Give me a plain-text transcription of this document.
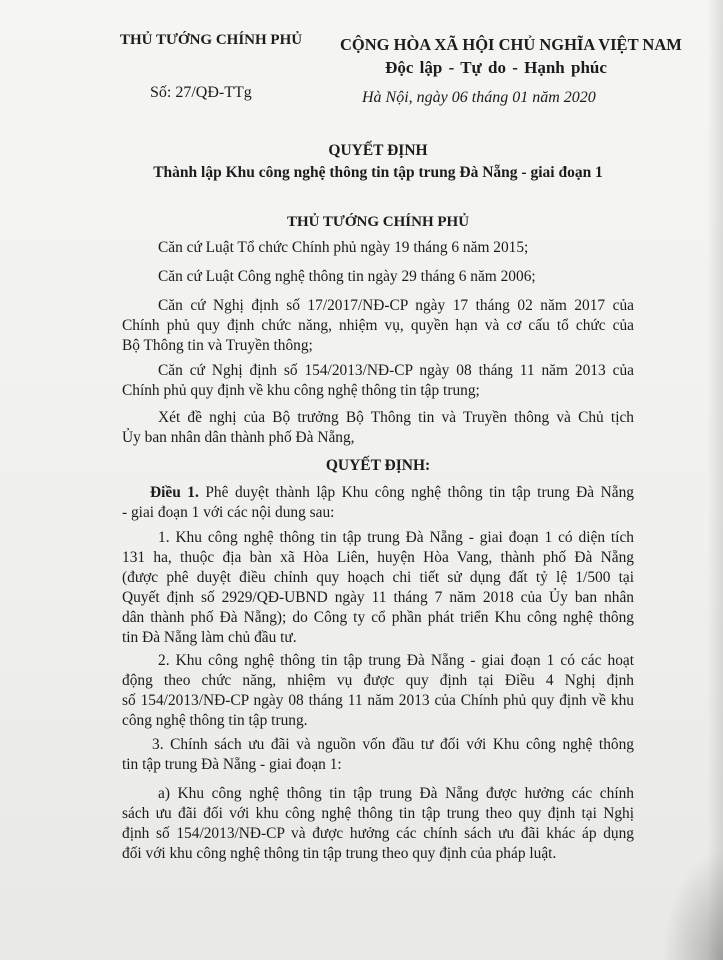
THỦ TƯỚNG CHÍNH PHỦ CỘNG HÒA XÃ HỘI CHỦ NGHĨA VIỆT NAM
Độc lập - Tự do - Hạnh phúc
Số: 27/QĐ-TTg	Hà Nội, ngày 06 tháng 01 năm 2020
QUYẾT ĐỊNH
Thành lập Khu công nghệ thông tin tập trung Đà Nẵng - giai đoạn 1
THỦ TƯỚNG CHÍNH PHỦ
Căn cứ Luật Tổ chức Chính phủ ngày 19 tháng 6 năm 2015;
Căn cứ Luật Công nghệ thông tin ngày 29 tháng 6 năm 2006;
Căn cứ Nghị định số 17/2017/NĐ-CP ngày 17 tháng 02 năm 2017 của
Chính phủ quy định chức năng, nhiệm vụ, quyền hạn và cơ cấu tổ chức của
Bộ Thông tin và Truyền thông;
Căn cứ Nghị định số 154/2013/NĐ-CP ngày 08 tháng 11 năm 2013 của
Chính phủ quy định về khu công nghệ thông tin tập trung;
Xét đề nghị của Bộ trưởng Bộ Thông tin và Truyền thông và Chủ tịch
Ủy ban nhân dân thành phố Đà Nẵng,
QUYẾT ĐỊNH:
Điều 1. Phê duyệt thành lập Khu công nghệ thông tin tập trung Đà Nẵng
- giai đoạn 1 với các nội dung sau:
1. Khu công nghệ thông tin tập trung Đà Nẵng - giai đoạn 1 có diện tích
131 ha, thuộc địa bàn xã Hòa Liên, huyện Hòa Vang, thành phố Đà Nẵng
(được phê duyệt điều chỉnh quy hoạch chi tiết sử dụng đất tỷ lệ 1/500 tại
Quyết định số 2929/QĐ-UBND ngày 11 tháng 7 năm 2018 của Ủy ban nhân
dân thành phố Đà Nẵng); do Công ty cổ phần phát triển Khu công nghệ thông
tin Đà Nẵng làm chủ đầu tư.
2. Khu công nghệ thông tin tập trung Đà Nẵng - giai đoạn 1 có các hoạt
động theo chức năng, nhiệm vụ được quy định tại Điều 4 Nghị định
số 154/2013/NĐ-CP ngày 08 tháng 11 năm 2013 của Chính phủ quy định về khu
công nghệ thông tin tập trung.
3. Chính sách ưu đãi và nguồn vốn đầu tư đối với Khu công nghệ thông
tin tập trung Đà Nẵng - giai đoạn 1:
a) Khu công nghệ thông tin tập trung Đà Nẵng được hưởng các chính
sách ưu đãi đối với khu công nghệ thông tin tập trung theo quy định tại Nghị
định số 154/2013/NĐ-CP và được hưởng các chính sách ưu đãi khác áp dụng
đối với khu công nghệ thông tin tập trung theo quy định của pháp luật.
